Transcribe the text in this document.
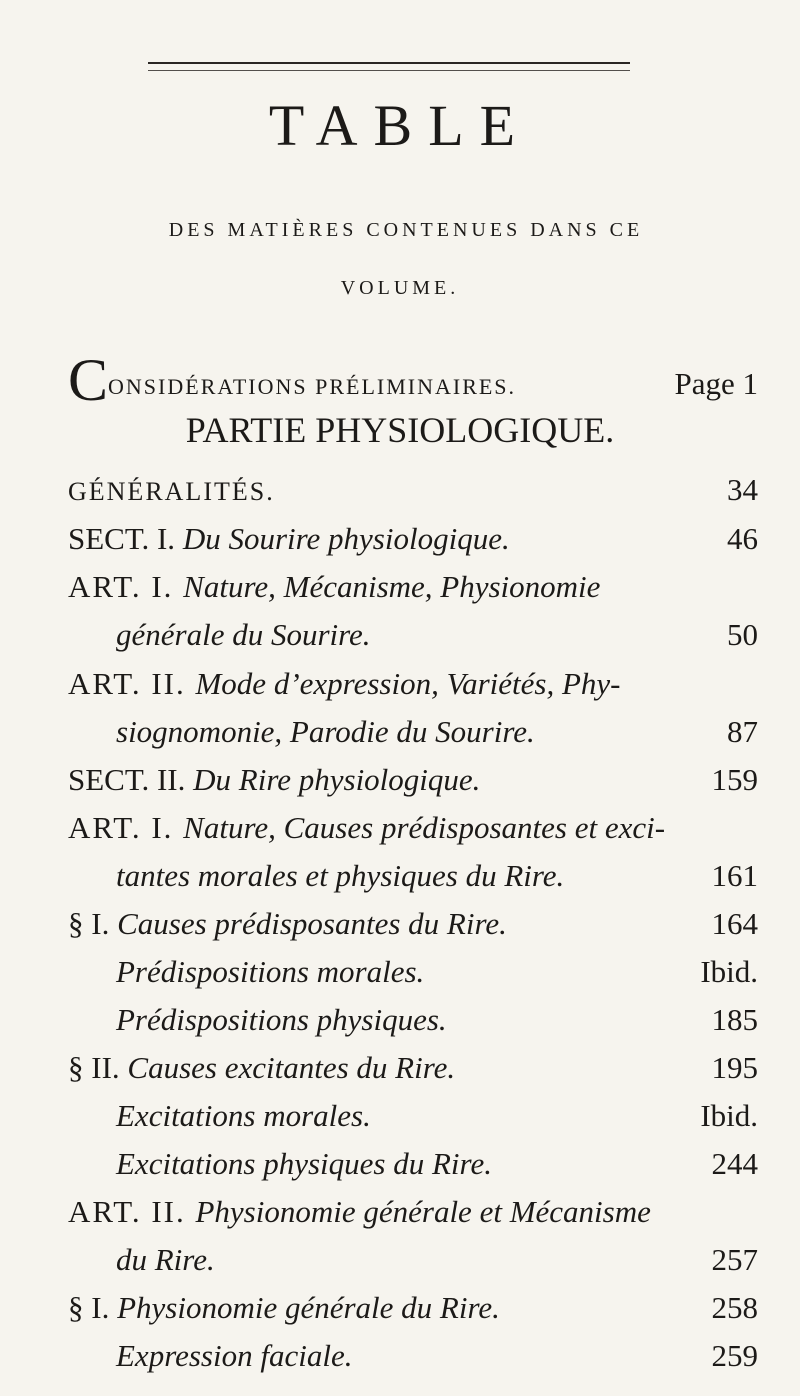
TABLE
DES MATIÈRES CONTENUES DANS CE
VOLUME.
CONSIDÉRATIONS PRÉLIMINAIRES.	Page 1
PARTIE PHYSIOLOGIQUE.
GÉNÉRALITÉS.	34
SECT. I. Du Sourire physiologique.	46
ART. I. Nature, Mécanisme, Physionomie
générale du Sourire.	50
ART. II. Mode d’expression, Variétés, Phy-
siognomonie, Parodie du Sourire.	87
SECT. II. Du Rire physiologique.	159
ART. I. Nature, Causes prédisposantes et exci-
tantes morales et physiques du Rire.	161
§ I. Causes prédisposantes du Rire.	164
Prédispositions morales.	Ibid.
Prédispositions physiques.	185
§ II. Causes excitantes du Rire.	195
Excitations morales.	Ibid.
Excitations physiques du Rire.	244
ART. II. Physionomie générale et Mécanisme
du Rire.	257
§ I. Physionomie générale du Rire.	258
Expression faciale.	259
